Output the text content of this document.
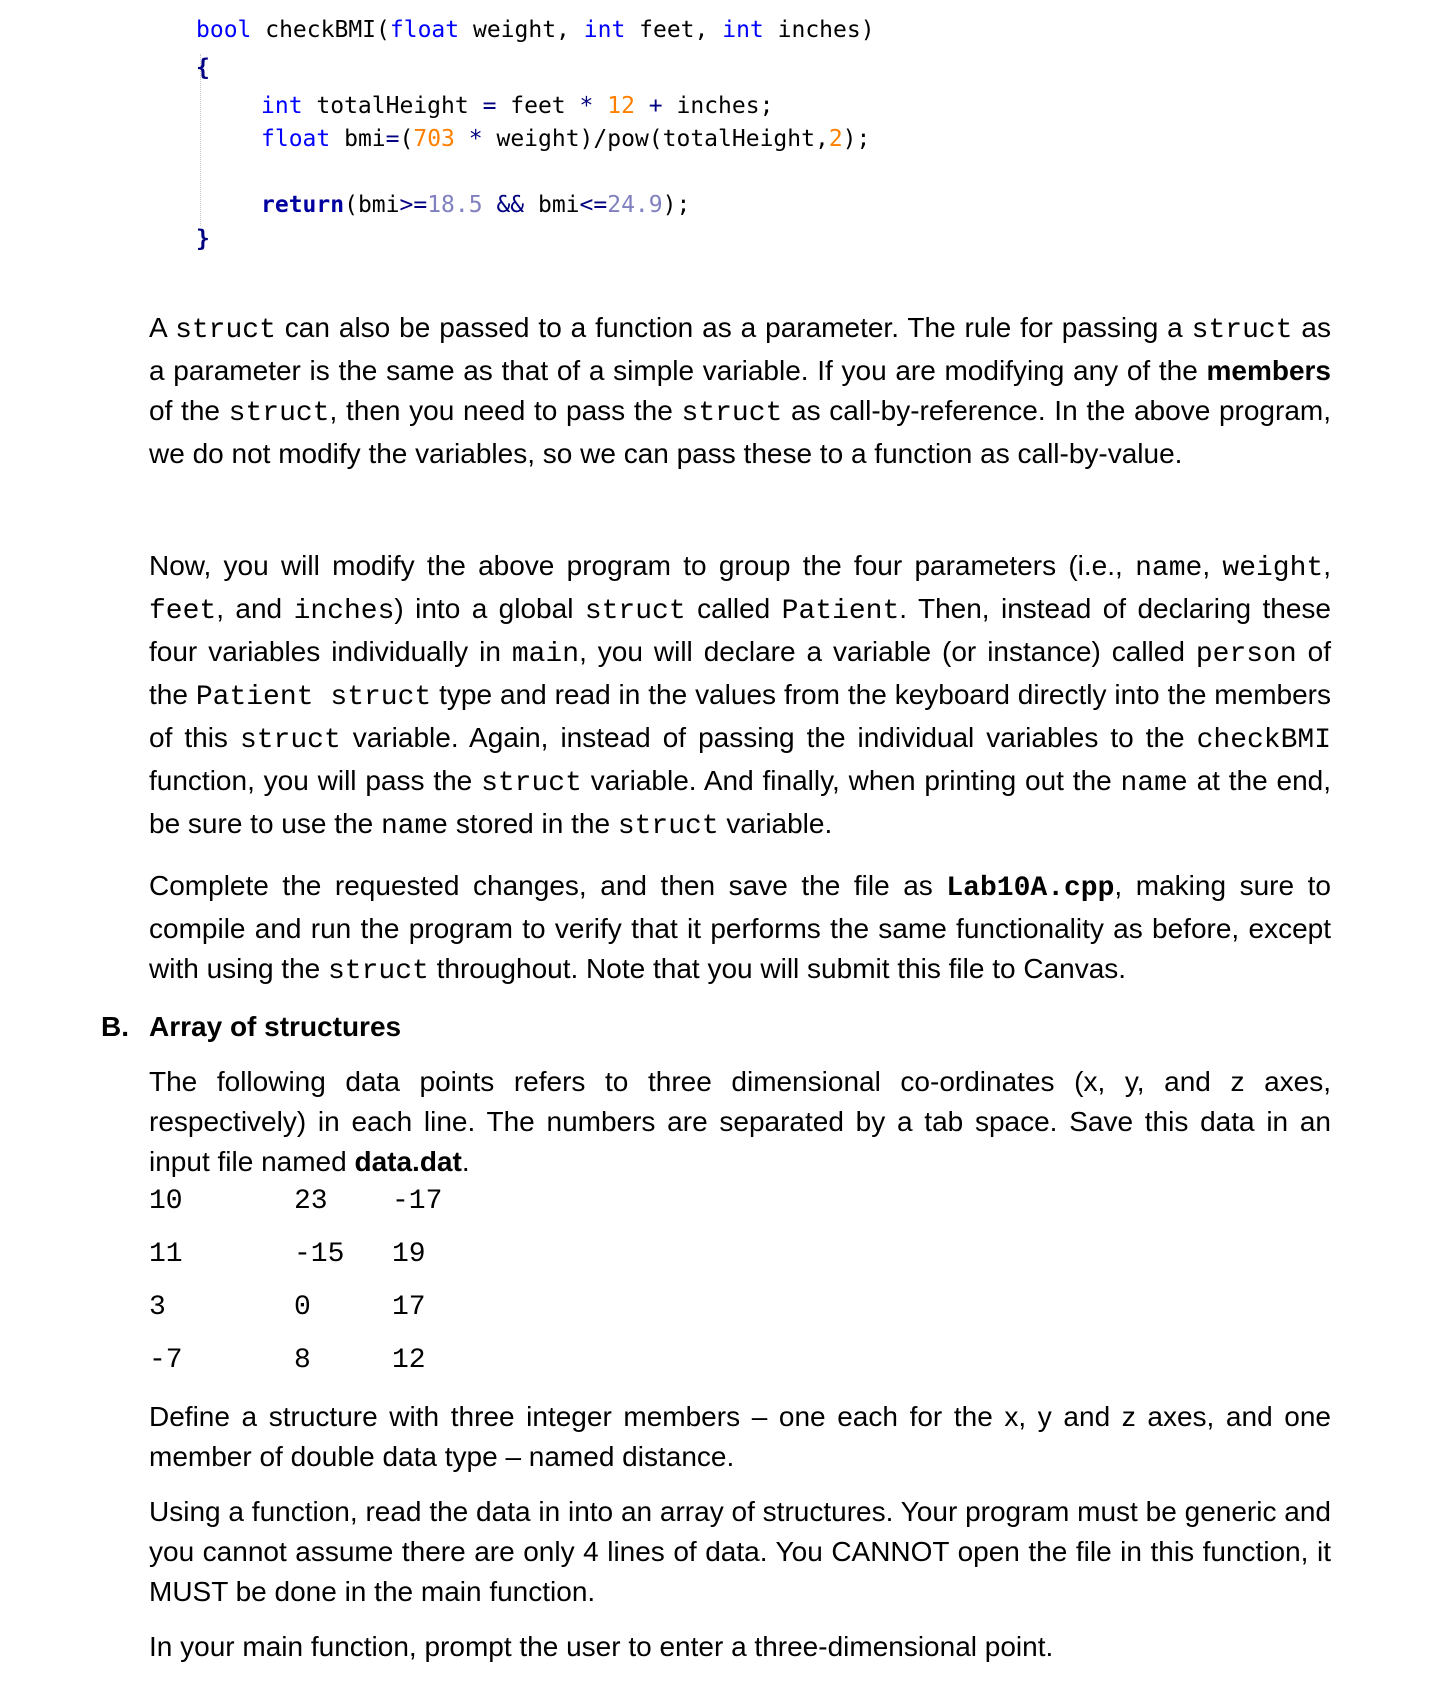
bool checkBMI(float weight, int feet, int inches)

{

int totalHeight = feet * 12 + inches;

float bmi=(703 * weight)/pow(totalHeight,2);

return(bmi>=18.5 && bmi<=24.9);

}

A struct can also be passed to a function as a parameter. The rule for passing a struct as a parameter is the same as that of a simple variable. If you are modifying any of the members of the struct, then you need to pass the struct as call-by-reference. In the above program, we do not modify the variables, so we can pass these to a function as call-by-value.
Now, you will modify the above program to group the four parameters (i.e., name, weight, feet, and inches) into a global struct called Patient. Then, instead of declaring these four variables individually in main, you will declare a variable (or instance) called person of the Patient struct type and read in the values from the keyboard directly into the members of this struct variable. Again, instead of passing the individual variables to the checkBMI function, you will pass the struct variable. And finally, when printing out the name at the end, be sure to use the name stored in the struct variable.
Complete the requested changes, and then save the file as Lab10A.cpp, making sure to compile and run the program to verify that it performs the same functionality as before, except with using the struct throughout. Note that you will submit this file to Canvas.
B. Array of structures
The following data points refers to three dimensional co-ordinates (x, y, and z axes, respectively) in each line. The numbers are separated by a tab space. Save this data in an input file named data.dat.
10	23 -17
11	-15 19
3	0	17
-7	8	12
Define a structure with three integer members – one each for the x, y and z axes, and one member of double data type – named distance.
Using a function, read the data in into an array of structures. Your program must be generic and you cannot assume there are only 4 lines of data. You CANNOT open the file in this function, it MUST be done in the main function.
In your main function, prompt the user to enter a three-dimensional point.
